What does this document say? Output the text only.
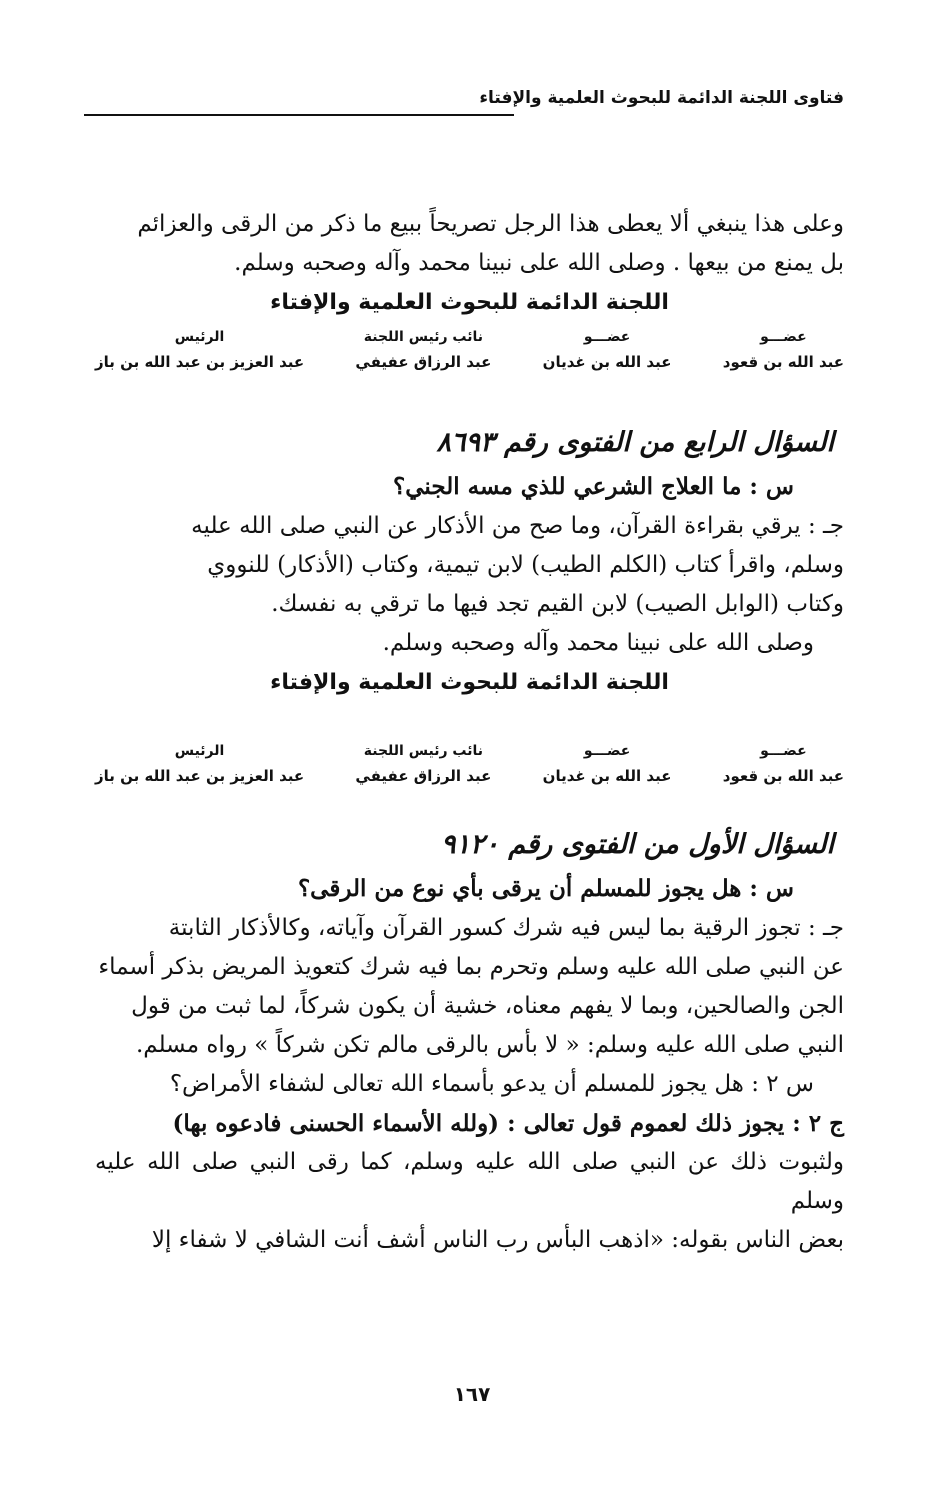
فتاوى اللجنة الدائمة للبحوث العلمية والإفتاء

وعلى هذا ينبغي ألا يعطى هذا الرجل تصريحاً ببيع ما ذكر من الرقى والعزائم

بل يمنع من بيعها . وصلى الله على نبينا محمد وآله وصحبه وسلم.

اللجنة الدائمة للبحوث العلمية والإفتاء

عضـــو
عبد الله بن قعود
عضـــو
عبد الله بن غديان
نائب رئيس اللجنة
عبد الرزاق عفيفي
الرئيس
عبد العزيز بن عبد الله بن باز

السؤال الرابع من الفتوى رقم ٨٦٩٣

س : ما العلاج الشرعي للذي مسه الجني؟

جـ : يرقي بقراءة القرآن، وما صح من الأذكار عن النبي صلى الله عليه

وسلم، واقرأ كتاب (الكلم الطيب) لابن تيمية، وكتاب (الأذكار) للنووي

وكتاب (الوابل الصيب) لابن القيم تجد فيها ما ترقي به نفسك.

وصلى الله على نبينا محمد وآله وصحبه وسلم.

اللجنة الدائمة للبحوث العلمية والإفتاء

عضـــو
عبد الله بن قعود
عضـــو
عبد الله بن غديان
نائب رئيس اللجنة
عبد الرزاق عفيفي
الرئيس
عبد العزيز بن عبد الله بن باز

السؤال الأول من الفتوى رقم ٩١٢٠

س : هل يجوز للمسلم أن يرقى بأي نوع من الرقى؟

جـ : تجوز الرقية بما ليس فيه شرك كسور القرآن وآياته، وكالأذكار الثابتة

عن النبي صلى الله عليه وسلم وتحرم بما فيه شرك كتعويذ المريض بذكر أسماء

الجن والصالحين، وبما لا يفهم معناه، خشية أن يكون شركاً، لما ثبت من قول

النبي صلى الله عليه وسلم: « لا بأس بالرقى مالم تكن شركاً » رواه مسلم.

س ٢ : هل يجوز للمسلم أن يدعو بأسماء الله تعالى لشفاء الأمراض؟

ج ٢ : يجوز ذلك لعموم قول تعالى : (ولله الأسماء الحسنى فادعوه بها)

ولثبوت ذلك عن النبي صلى الله عليه وسلم، كما رقى النبي صلى الله عليه وسلم

بعض الناس بقوله: «اذهب البأس رب الناس أشف أنت الشافي لا شفاء إلا

١٦٧
